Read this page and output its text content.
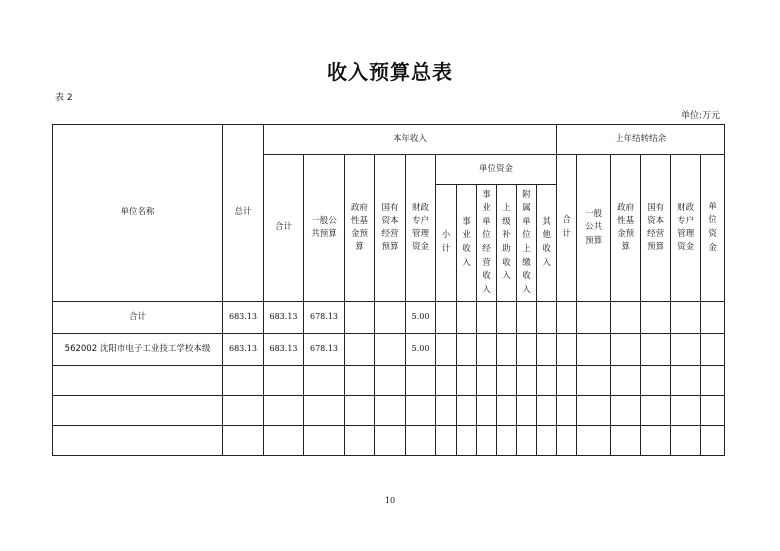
收入预算总表
表 2
单位:万元
单位名称	总计	本年收入											上年结转结余					
		合计	一般公共预算	政府性基金预算	国有资本经营预算	财政专户管理资金	单位资金						合计	一般公共预算	政府性基金预算	国有资本经营预算	财政专户管理资金	单位资金
							小计	事业收入	事业单位经营收入	上级补助收入	附属单位上缴收入	其他收入						
合计	683.13	683.13	678.13			5.00												
562002 沈阳市电子工业技工学校本级	683.13	683.13	678.13			5.00												

10
